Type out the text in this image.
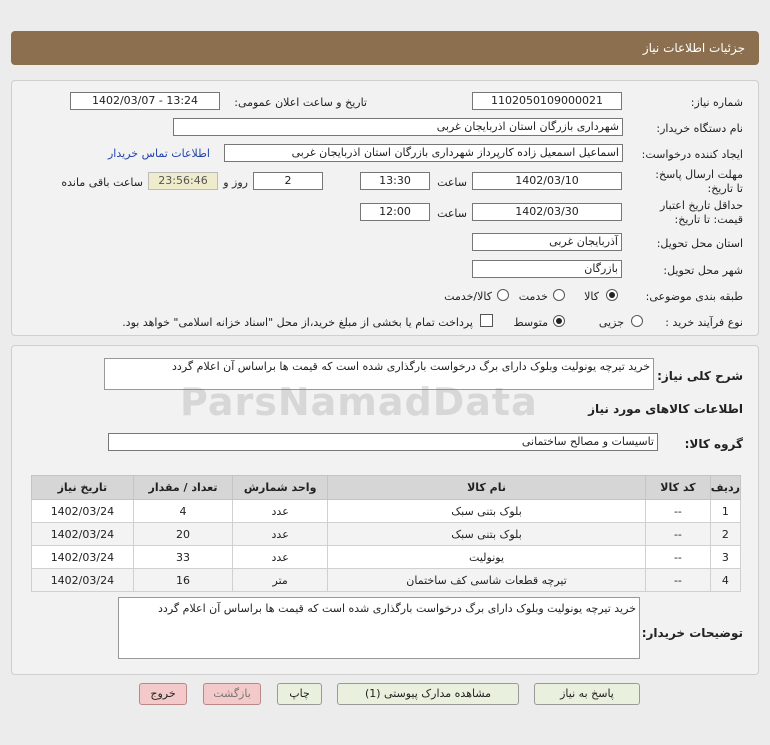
جزئیات اطلاعات نیاز
شماره نیاز:
1102050109000021
تاریخ و ساعت اعلان عمومی:
1402/03/07 - 13:24
نام دستگاه خریدار:
شهرداری بازرگان استان اذربایجان غربی
ایجاد کننده درخواست:
اسماعیل اسمعیل زاده کارپرداز شهرداری بازرگان استان اذربایجان غربی
اطلاعات تماس خریدار
مهلت ارسال پاسخ: تا تاریخ:
1402/03/10
ساعت
13:30
2
روز و
23:56:46
ساعت باقی مانده
حداقل تاریخ اعتبار قیمت: تا تاریخ:
1402/03/30
ساعت
12:00
استان محل تحویل:
آذربایجان غربی
شهر محل تحویل:
بازرگان
طبقه بندی موضوعی:
کالا
خدمت
کالا/خدمت
نوع فرآیند خرید :
جزیی
متوسط
پرداخت تمام یا بخشی از مبلغ خرید،از محل "اسناد خزانه اسلامی" خواهد بود.
شرح کلی نیاز:
خرید تیرچه یونولیت وبلوک دارای برگ درخواست بارگذاری شده است که قیمت ها براساس آن اعلام گردد
اطلاعات کالاهای مورد نیاز
گروه کالا:
تاسیسات و مصالح ساختمانی
ParsNamadData
ردیف	کد کالا	نام کالا	واحد شمارش	تعداد / مقدار	تاریخ نیاز
1	--	بلوک بتنی سبک	عدد	4	1402/03/24
2	--	بلوک بتنی سبک	عدد	20	1402/03/24
3	--	یونولیت	عدد	33	1402/03/24
4	--	تیرچه قطعات شاسی کف ساختمان	متر	16	1402/03/24
توضیحات خریدار:
خرید تیرچه یونولیت وبلوک دارای برگ درخواست بارگذاری شده است که قیمت ها براساس آن اعلام گردد
پاسخ به نیاز
مشاهده مدارک پیوستی (1)
چاپ
بازگشت
خروج
